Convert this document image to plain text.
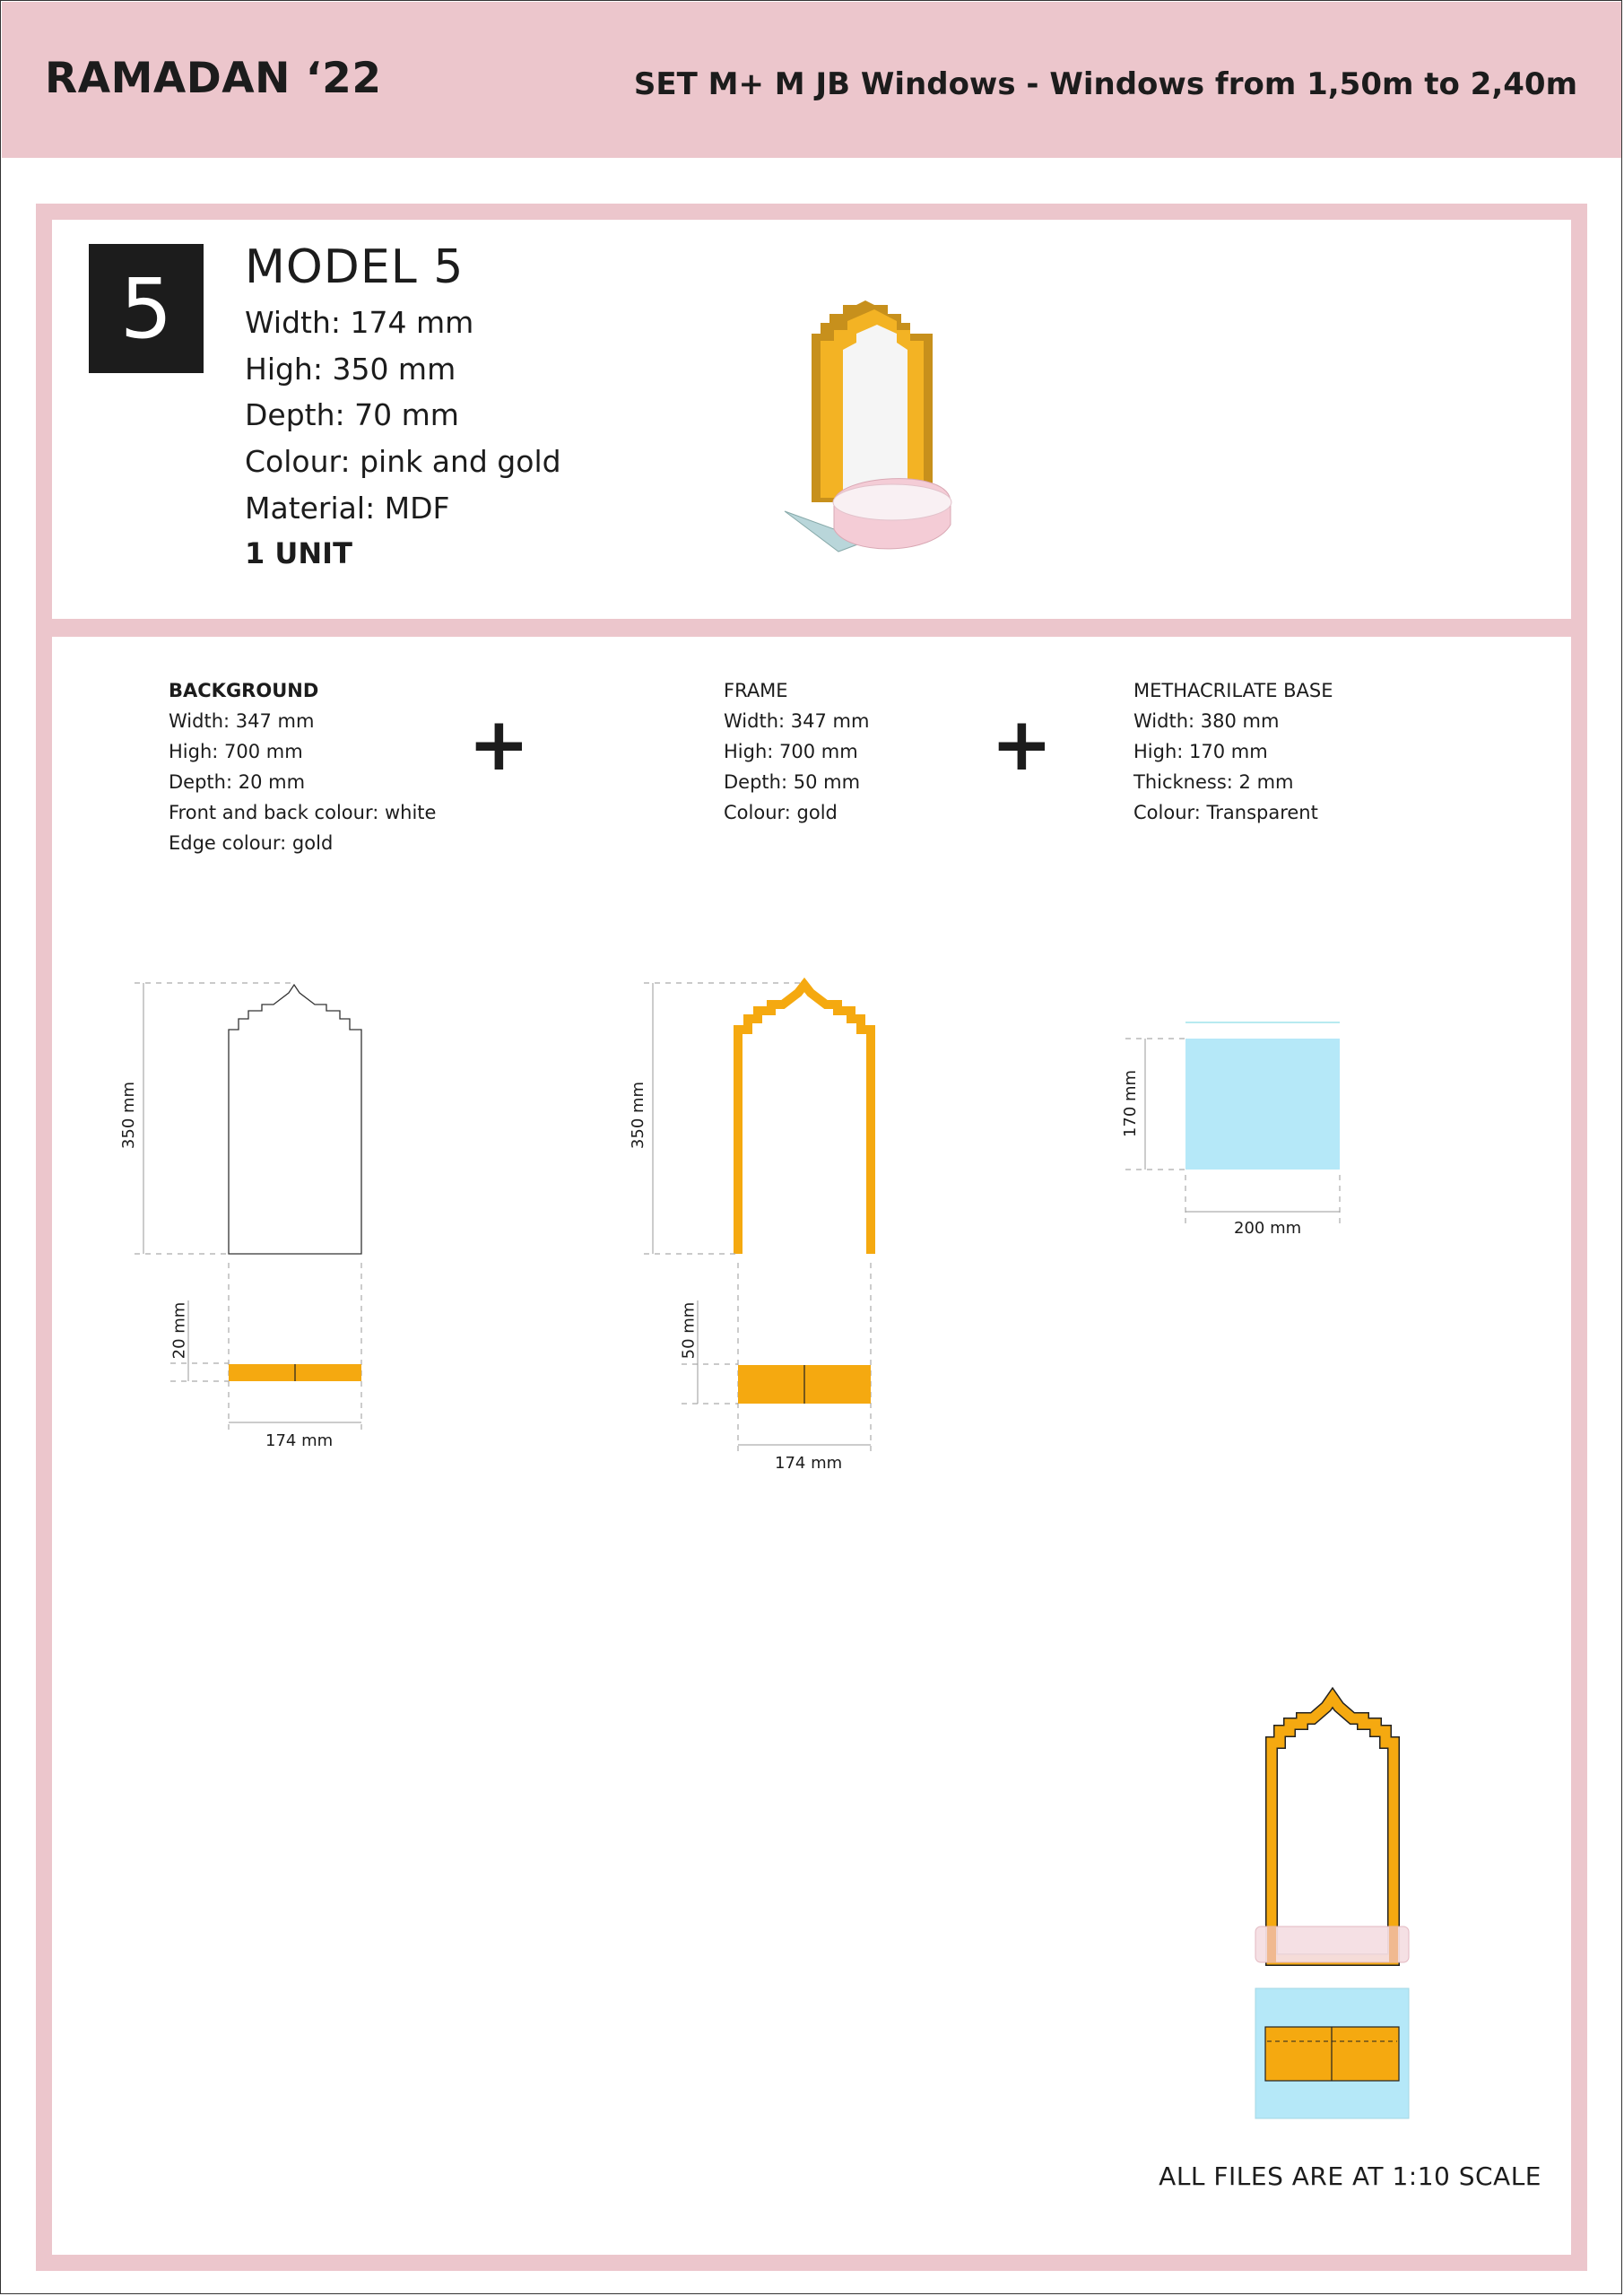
RAMADAN ‘22	SET M+ M JB Windows - Windows from 1,50m to 2,40m
5	MODEL 5
Width: 174 mm
High: 350 mm
Depth: 70 mm
Colour: pink and gold
Material: MDF
1 UNIT
BACKGROUND
Width: 347 mm
High: 700 mm
Depth: 20 mm
Front and back colour: white
Edge colour: gold
FRAME
Width: 347 mm
High: 700 mm
Depth: 50 mm
Colour: gold
METHACRILATE BASE
Width: 380 mm
High: 170 mm
Thickness: 2 mm
Colour: Transparent
+	+
350 mm
20 mm
174 mm
350 mm
50 mm
174 mm
170 mm
200 mm
ALL FILES ARE AT 1:10 SCALE
